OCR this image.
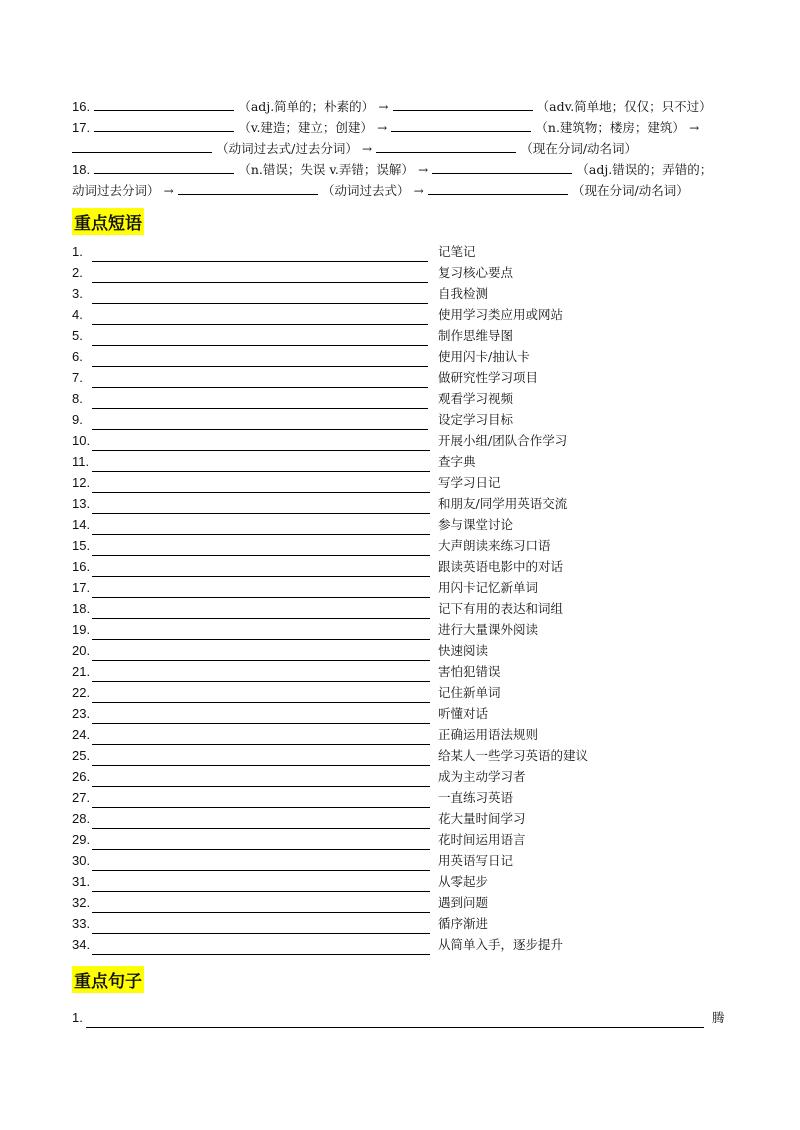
16.	（adj.简单的；朴素的） →	（adv.简单地；仅仅；只不过）
17.	（v.建造；建立；创建） →	（n.建筑物；楼房；建筑） →
（动词过去式/过去分词） →	（现在分词/动名词）
18.	（n.错误；失误 v.弄错；误解） →	（adj.错误的；弄错的；
动词过去分词） →	（动词过去式） →	（现在分词/动名词）
重点短语
1.	记笔记
2.	复习核心要点
3.	自我检测
4.	使用学习类应用或网站
5.	制作思维导图
6.	使用闪卡/抽认卡
7.	做研究性学习项目
8.	观看学习视频
9.	设定学习目标
10.	开展小组/团队合作学习
11.	查字典
12.	写学习日记
13.	和朋友/同学用英语交流
14.	参与课堂讨论
15.	大声朗读来练习口语
16.	跟读英语电影中的对话
17.	用闪卡记忆新单词
18.	记下有用的表达和词组
19.	进行大量课外阅读
20.	快速阅读
21.	害怕犯错误
22.	记住新单词
23.	听懂对话
24.	正确运用语法规则
25.	给某人一些学习英语的建议
26.	成为主动学习者
27.	一直练习英语
28.	花大量时间学习
29.	花时间运用语言
30.	用英语写日记
31.	从零起步
32.	遇到问题
33.	循序渐进
34.	从简单入手，逐步提升
重点句子
1.	腾
